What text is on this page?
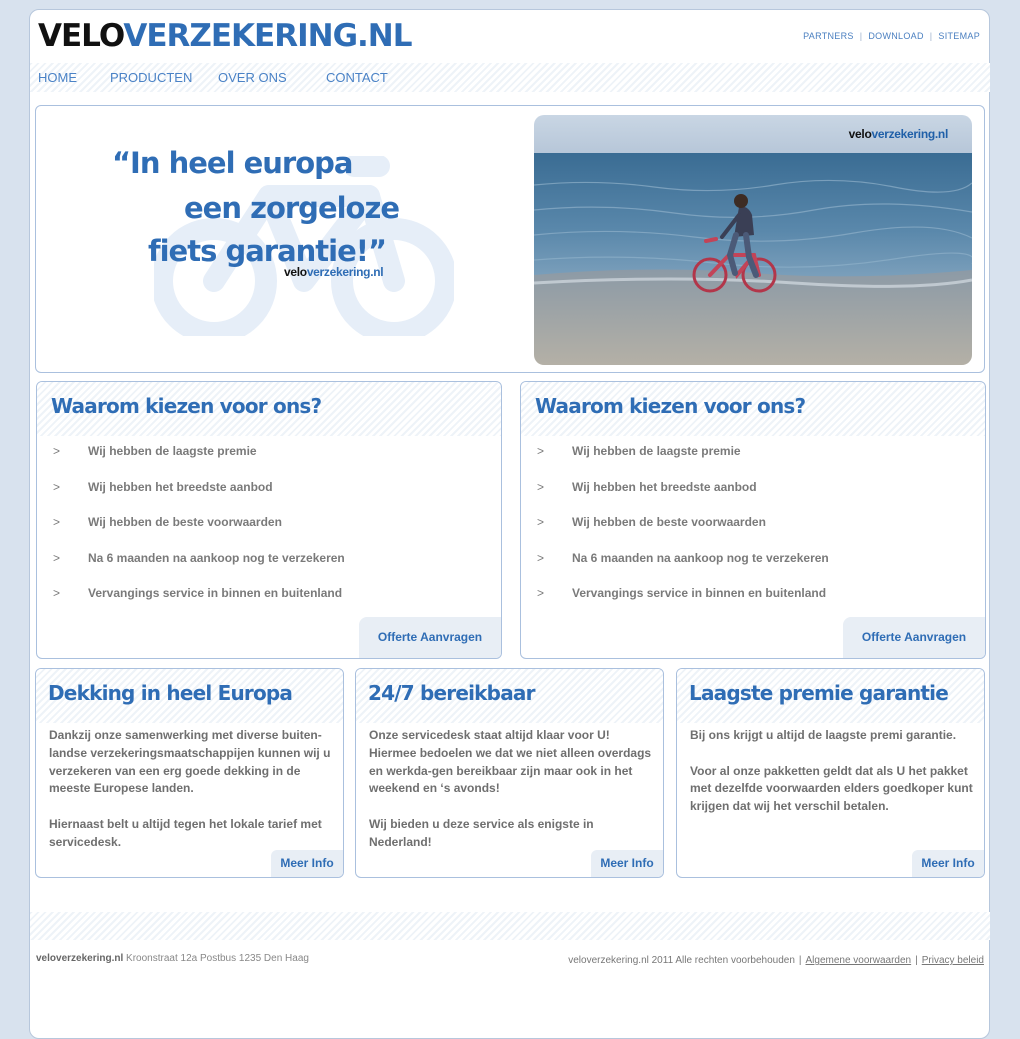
VELOVERZEKERING.NL	PARTNERS | DOWNLOAD | SITEMAP
HOME	PRODUCTEN OVER ONS	CONTACT
“In heel europa
een zorgeloze
fiets garantie!”
veloverzekering.nl
veloverzekering.nl
Waarom kiezen voor ons?
> Wij hebben de laagste premie
> Wij hebben het breedste aanbod
> Wij hebben de beste voorwaarden
> Na 6 maanden na aankoop nog te verzekeren
> Vervangings service in binnen en buitenland
Offerte Aanvragen
Waarom kiezen voor ons?
> Wij hebben de laagste premie
> Wij hebben het breedste aanbod
> Wij hebben de beste voorwaarden
> Na 6 maanden na aankoop nog te verzekeren
> Vervangings service in binnen en buitenland
Offerte Aanvragen
Dekking in heel Europa

Dankzij onze samenwerking met diverse buiten-landse verzekeringsmaatschappijen kunnen wij u verzekeren van een erg goede dekking in de meeste Europese landen.

Hiernaast belt u altijd tegen het lokale tarief met servicedesk.

Meer Info
24/7 bereikbaar

Onze servicedesk staat altijd klaar voor U! Hiermee bedoelen we dat we niet alleen overdags en werkda-gen bereikbaar zijn maar ook in het weekend en ‘s avonds!

Wij bieden u deze service als enigste in Nederland!

Meer Info
Laagste premie garantie

Bij ons krijgt u altijd de laagste premi garantie.

Voor al onze pakketten geldt dat als U het pakket met dezelfde voorwaarden elders goedkoper kunt krijgen dat wij het verschil betalen.

Meer Info
veloverzekering.nl Kroonstraat 12a Postbus 1235 Den Haag	veloverzekering.nl 2011 Alle rechten voorbehouden | Algemene voorwaarden | Privacy beleid
